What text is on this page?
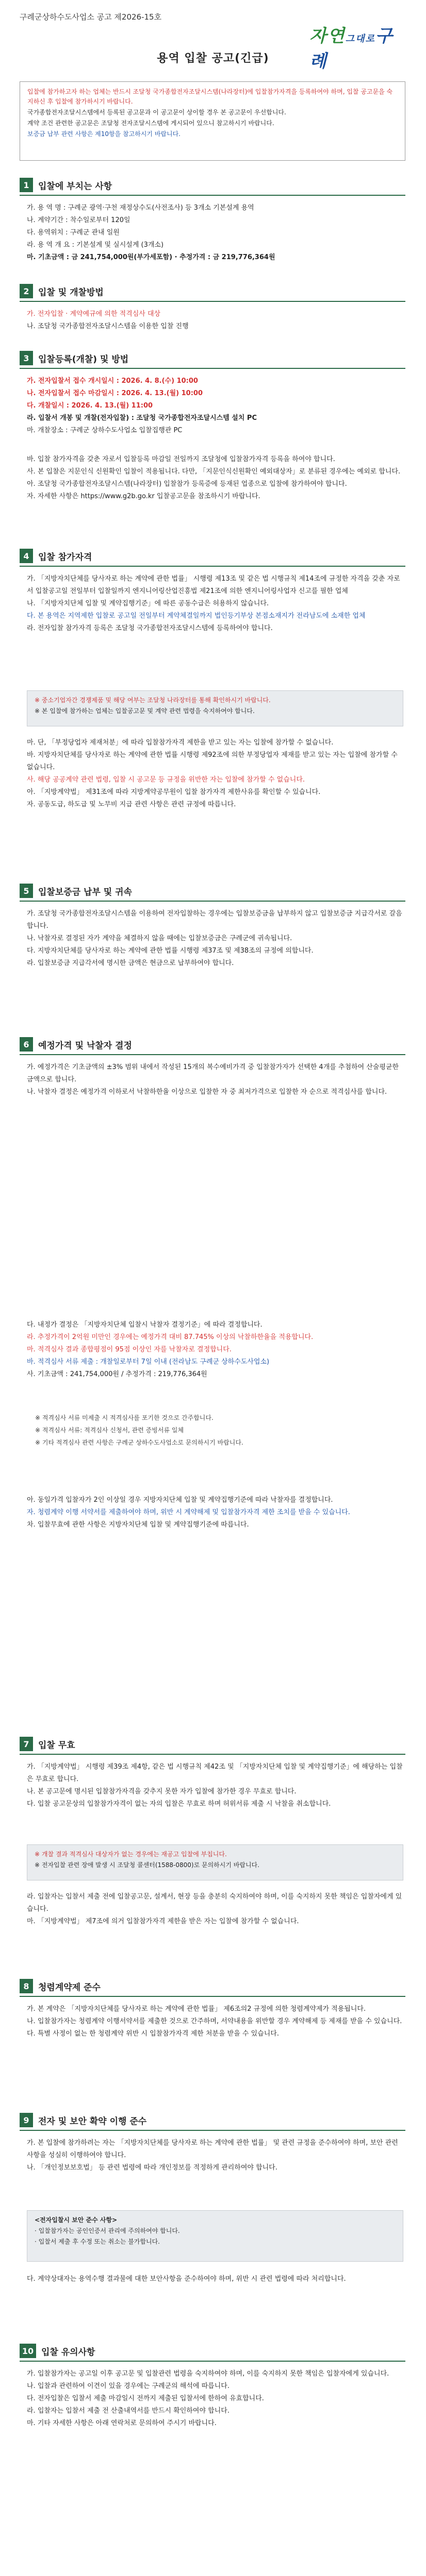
구례군상하수도사업소 공고 제2026-15호
자연그대로구례
용역 입찰 공고(긴급)

입찰에 참가하고자 하는 업체는 반드시 조달청 국가종합전자조달시스템(나라장터)에 입찰참가자격을 등록하여야 하며, 입찰 공고문을 숙지하신 후 입찰에 참가하시기 바랍니다.

국가종합전자조달시스템에서 등록된 공고문과 이 공고문이 상이할 경우 본 공고문이 우선합니다.

계약 조건 관련한 공고문은 조달청 전자조달시스템에 게시되어 있으니 참고하시기 바랍니다.

보증금 납부 관련 사항은 제10항을 참고하시기 바랍니다.

1	입찰에 부치는 사항

가. 용 역 명 : 구례군 광역·구천 재정상수도(사전조사) 등 3개소 기본설계 용역

나. 계약기간 : 착수일로부터 120일

다. 용역위치 : 구례군 관내 일원

라. 용 역 개 요 : 기본설계 및 실시설계 (3개소)

마. 기초금액 : 금 241,754,000원(부가세포함) · 추정가격 : 금 219,776,364원

2	입찰 및 개찰방법

가. 전자입찰 · 계약예규에 의한 적격심사 대상

나. 조달청 국가종합전자조달시스템을 이용한 입찰 진행

3	입찰등록(개찰) 및 방법

가. 전자입찰서 접수 개시일시 : 2026. 4. 8.(수) 10:00

나. 전자입찰서 접수 마감일시 : 2026. 4. 13.(월) 10:00

다. 개찰일시 : 2026. 4. 13.(월) 11:00

라. 입찰서 개봉 및 개찰(전자입찰) : 조달청 국가종합전자조달시스템 설치 PC

마. 개찰장소 : 구례군 상하수도사업소 입찰집행관 PC

바. 입찰 참가자격을 갖춘 자로서 입찰등록 마감일 전일까지 조달청에 입찰참가자격 등록을 하여야 합니다.

사. 본 입찰은 지문인식 신원확인 입찰이 적용됩니다. 다만, 「지문인식신원확인 예외대상자」로 분류된 경우에는 예외로 합니다.

아. 조달청 국가종합전자조달시스템(나라장터) 입찰참가 등록증에 등재된 업종으로 입찰에 참가하여야 합니다.

자. 자세한 사항은 https://www.g2b.go.kr 입찰공고문을 참조하시기 바랍니다.

4	입찰 참가자격

가. 「지방자치단체를 당사자로 하는 계약에 관한 법률」 시행령 제13조 및 같은 법 시행규칙 제14조에 규정한 자격을 갖춘 자로서 입찰공고일 전일부터 입찰일까지 엔지니어링산업진흥법 제21조에 의한 엔지니어링사업자 신고를 필한 업체

나. 「지방자치단체 입찰 및 계약집행기준」에 따른 공동수급은 허용하지 않습니다.

다. 본 용역은 지역제한 입찰로 공고일 전일부터 계약체결일까지 법인등기부상 본점소재지가 전라남도에 소재한 업체

라. 전자입찰 참가자격 등록은 조달청 국가종합전자조달시스템에 등록하여야 합니다.

※ 중소기업자간 경쟁제품 및 해당 여부는 조달청 나라장터를 통해 확인하시기 바랍니다.
※ 본 입찰에 참가하는 업체는 입찰공고문 및 계약 관련 법령을 숙지하여야 합니다.

마. 단, 「부정당업자 제재처분」에 따라 입찰참가자격 제한을 받고 있는 자는 입찰에 참가할 수 없습니다.

바. 지방자치단체를 당사자로 하는 계약에 관한 법률 시행령 제92조에 의한 부정당업자 제재를 받고 있는 자는 입찰에 참가할 수 없습니다.

사. 해당 공공계약 관련 법령, 입찰 시 공고문 등 규정을 위반한 자는 입찰에 참가할 수 없습니다.

아. 「지방계약법」 제31조에 따라 지방계약공무원이 입찰 참가자격 제한사유를 확인할 수 있습니다.

자. 공동도급, 하도급 및 노무비 지급 관련 사항은 관련 규정에 따릅니다.

5	입찰보증금 납부 및 귀속

가. 조달청 국가종합전자조달시스템을 이용하여 전자입찰하는 경우에는 입찰보증금을 납부하지 않고 입찰보증금 지급각서로 갈음합니다.

나. 낙찰자로 결정된 자가 계약을 체결하지 않을 때에는 입찰보증금은 구례군에 귀속됩니다.

다. 지방자치단체를 당사자로 하는 계약에 관한 법률 시행령 제37조 및 제38조의 규정에 의합니다.

라. 입찰보증금 지급각서에 명시한 금액은 현금으로 납부하여야 합니다.

6	예정가격 및 낙찰자 결정

가. 예정가격은 기초금액의 ±3% 범위 내에서 작성된 15개의 복수예비가격 중 입찰참가자가 선택한 4개를 추첨하여 산술평균한 금액으로 합니다.

나. 낙찰자 결정은 예정가격 이하로서 낙찰하한율 이상으로 입찰한 자 중 최저가격으로 입찰한 자 순으로 적격심사를 합니다.

다. 내정가 결정은 「지방자치단체 입찰시 낙찰자 결정기준」에 따라 결정합니다.

라. 추정가격이 2억원 미만인 경우에는 예정가격 대비 87.745% 이상의 낙찰하한율을 적용합니다.

마. 적격심사 결과 종합평점이 95점 이상인 자를 낙찰자로 결정합니다.

바. 적격심사 서류 제출 : 개찰일로부터 7일 이내 (전라남도 구례군 상하수도사업소)

사. 기초금액 : 241,754,000원 / 추정가격 : 219,776,364원

※ 적격심사 서류 미제출 시 적격심사를 포기한 것으로 간주합니다.

※ 적격심사 서류: 적격심사 신청서, 관련 증빙서류 일체

※ 기타 적격심사 관련 사항은 구례군 상하수도사업소로 문의하시기 바랍니다.

아. 동일가격 입찰자가 2인 이상일 경우 지방자치단체 입찰 및 계약집행기준에 따라 낙찰자를 결정합니다.

자. 청렴계약 이행 서약서를 제출하여야 하며, 위반 시 계약해제 및 입찰참가자격 제한 조치를 받을 수 있습니다.

차. 입찰무효에 관한 사항은 지방자치단체 입찰 및 계약집행기준에 따릅니다.

7	입찰 무효

가. 「지방계약법」 시행령 제39조 제4항, 같은 법 시행규칙 제42조 및 「지방자치단체 입찰 및 계약집행기준」에 해당하는 입찰은 무효로 합니다.

나. 본 공고문에 명시된 입찰참가자격을 갖추지 못한 자가 입찰에 참가한 경우 무효로 합니다.

다. 입찰 공고문상의 입찰참가자격이 없는 자의 입찰은 무효로 하며 허위서류 제출 시 낙찰을 취소합니다.

※ 개찰 결과 적격심사 대상자가 없는 경우에는 재공고 입찰에 부칩니다.
※ 전자입찰 관련 장애 발생 시 조달청 콜센터(1588-0800)로 문의하시기 바랍니다.

라. 입찰자는 입찰서 제출 전에 입찰공고문, 설계서, 현장 등을 충분히 숙지하여야 하며, 이를 숙지하지 못한 책임은 입찰자에게 있습니다.

마. 「지방계약법」 제7조에 의거 입찰참가자격 제한을 받은 자는 입찰에 참가할 수 없습니다.

8	청렴계약제 준수

가. 본 계약은 「지방자치단체를 당사자로 하는 계약에 관한 법률」 제6조의2 규정에 의한 청렴계약제가 적용됩니다.

나. 입찰참가자는 청렴계약 이행서약서를 제출한 것으로 간주하며, 서약내용을 위반할 경우 계약해제 등 제재를 받을 수 있습니다.

다. 특별 사정이 없는 한 청렴계약 위반 시 입찰참가자격 제한 처분을 받을 수 있습니다.

9	전자 및 보안 확약 이행 준수

가. 본 입찰에 참가하려는 자는 「지방자치단체를 당사자로 하는 계약에 관한 법률」 및 관련 규정을 준수하여야 하며, 보안 관련 사항을 성실히 이행하여야 합니다.

나. 「개인정보보호법」 등 관련 법령에 따라 개인정보를 적정하게 관리하여야 합니다.

<전자입찰시 보안 준수 사항>
· 입찰참가자는 공인인증서 관리에 주의하여야 합니다.
· 입찰서 제출 후 수정 또는 취소는 불가합니다.

다. 계약상대자는 용역수행 결과물에 대한 보안사항을 준수하여야 하며, 위반 시 관련 법령에 따라 처리합니다.

10 입찰 유의사항

가. 입찰참가자는 공고일 이후 공고문 및 입찰관련 법령을 숙지하여야 하며, 이를 숙지하지 못한 책임은 입찰자에게 있습니다.

나. 입찰과 관련하여 이견이 있을 경우에는 구례군의 해석에 따릅니다.

다. 전자입찰은 입찰서 제출 마감일시 전까지 제출된 입찰서에 한하여 유효합니다.

라. 입찰자는 입찰서 제출 전 산출내역서를 반드시 확인하여야 합니다.

마. 기타 자세한 사항은 아래 연락처로 문의하여 주시기 바랍니다.
